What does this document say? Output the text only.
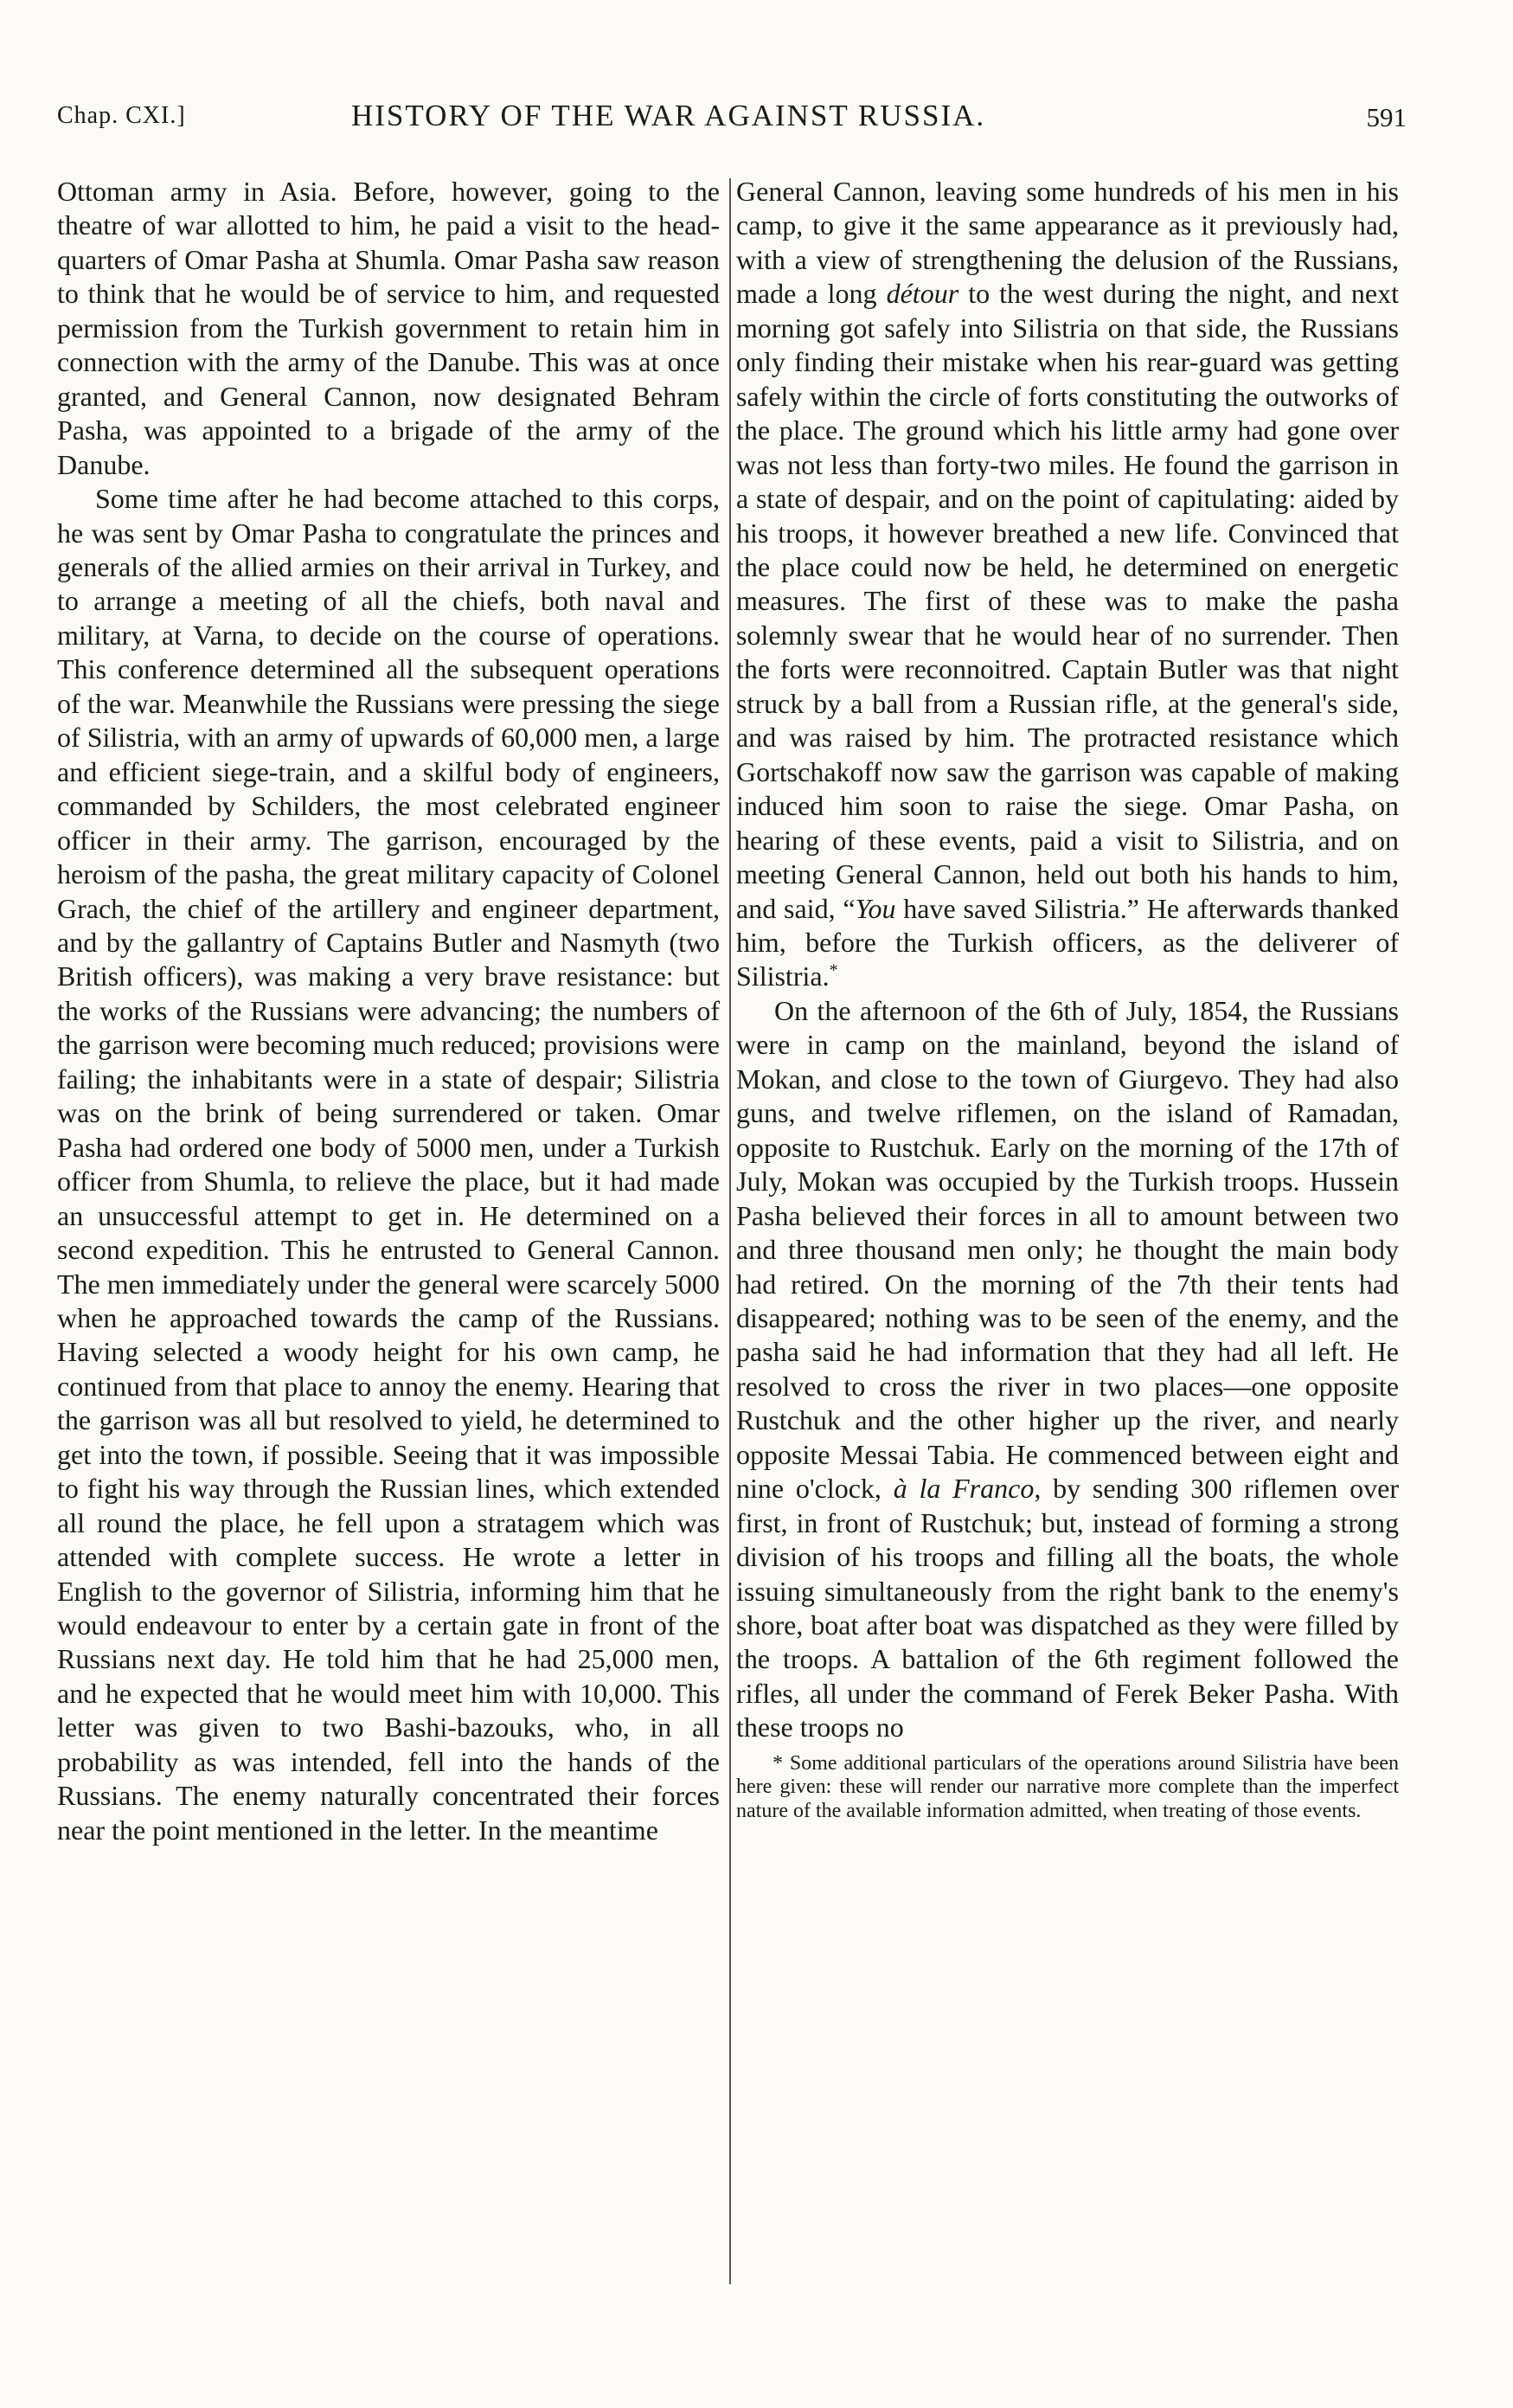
Chap. CXI.]	HISTORY OF THE WAR AGAINST RUSSIA.	591

Ottoman army in Asia. Before, however, going to the theatre of war allotted to him, he paid a visit to the head-quarters of Omar Pasha at Shumla. Omar Pasha saw reason to think that he would be of service to him, and requested permission from the Turkish government to retain him in connection with the army of the Danube. This was at once granted, and General Cannon, now designated Behram Pasha, was appointed to a brigade of the army of the Danube.

Some time after he had become attached to this corps, he was sent by Omar Pasha to congratulate the princes and generals of the allied armies on their arrival in Turkey, and to arrange a meeting of all the chiefs, both naval and military, at Varna, to decide on the course of operations. This conference determined all the subsequent operations of the war. Meanwhile the Russians were pressing the siege of Silistria, with an army of upwards of 60,000 men, a large and efficient siege-train, and a skilful body of engineers, commanded by Schilders, the most celebrated engineer officer in their army. The garrison, encouraged by the heroism of the pasha, the great military capacity of Colonel Grach, the chief of the artillery and engineer department, and by the gallantry of Captains Butler and Nasmyth (two British officers), was making a very brave resistance: but the works of the Russians were advancing; the numbers of the garrison were becoming much reduced; provisions were failing; the inhabitants were in a state of despair; Silistria was on the brink of being surrendered or taken. Omar Pasha had ordered one body of 5000 men, under a Turkish officer from Shumla, to relieve the place, but it had made an unsuccessful attempt to get in. He determined on a second expedition. This he entrusted to General Cannon. The men immediately under the general were scarcely 5000 when he approached towards the camp of the Russians. Having selected a woody height for his own camp, he continued from that place to annoy the enemy. Hearing that the garrison was all but resolved to yield, he determined to get into the town, if possible. Seeing that it was impossible to fight his way through the Russian lines, which extended all round the place, he fell upon a stratagem which was attended with complete success. He wrote a letter in English to the governor of Silistria, informing him that he would endeavour to enter by a certain gate in front of the Russians next day. He told him that he had 25,000 men, and he expected that he would meet him with 10,000. This letter was given to two Bashi-bazouks, who, in all probability as was intended, fell into the hands of the Russians. The enemy naturally concentrated their forces near the point mentioned in the letter. In the meantime

General Cannon, leaving some hundreds of his men in his camp, to give it the same appearance as it previously had, with a view of strengthening the delusion of the Russians, made a long détour to the west during the night, and next morning got safely into Silistria on that side, the Russians only finding their mistake when his rear-guard was getting safely within the circle of forts constituting the outworks of the place. The ground which his little army had gone over was not less than forty-two miles. He found the garrison in a state of despair, and on the point of capitulating: aided by his troops, it however breathed a new life. Convinced that the place could now be held, he determined on energetic measures. The first of these was to make the pasha solemnly swear that he would hear of no surrender. Then the forts were reconnoitred. Captain Butler was that night struck by a ball from a Russian rifle, at the general's side, and was raised by him. The protracted resistance which Gortschakoff now saw the garrison was capable of making induced him soon to raise the siege. Omar Pasha, on hearing of these events, paid a visit to Silistria, and on meeting General Cannon, held out both his hands to him, and said, “You have saved Silistria.” He afterwards thanked him, before the Turkish officers, as the deliverer of Silistria.*

On the afternoon of the 6th of July, 1854, the Russians were in camp on the mainland, beyond the island of Mokan, and close to the town of Giurgevo. They had also guns, and twelve riflemen, on the island of Ramadan, opposite to Rustchuk. Early on the morning of the 17th of July, Mokan was occupied by the Turkish troops. Hussein Pasha believed their forces in all to amount between two and three thousand men only; he thought the main body had retired. On the morning of the 7th their tents had disappeared; nothing was to be seen of the enemy, and the pasha said he had information that they had all left. He resolved to cross the river in two places—one opposite Rustchuk and the other higher up the river, and nearly opposite Messai Tabia. He commenced between eight and nine o'clock, à la Franco, by sending 300 riflemen over first, in front of Rustchuk; but, instead of forming a strong division of his troops and filling all the boats, the whole issuing simultaneously from the right bank to the enemy's shore, boat after boat was dispatched as they were filled by the troops. A battalion of the 6th regiment followed the rifles, all under the command of Ferek Beker Pasha. With these troops no

* Some additional particulars of the operations around Silistria have been here given: these will render our narrative more complete than the imperfect nature of the available information admitted, when treating of those events.
